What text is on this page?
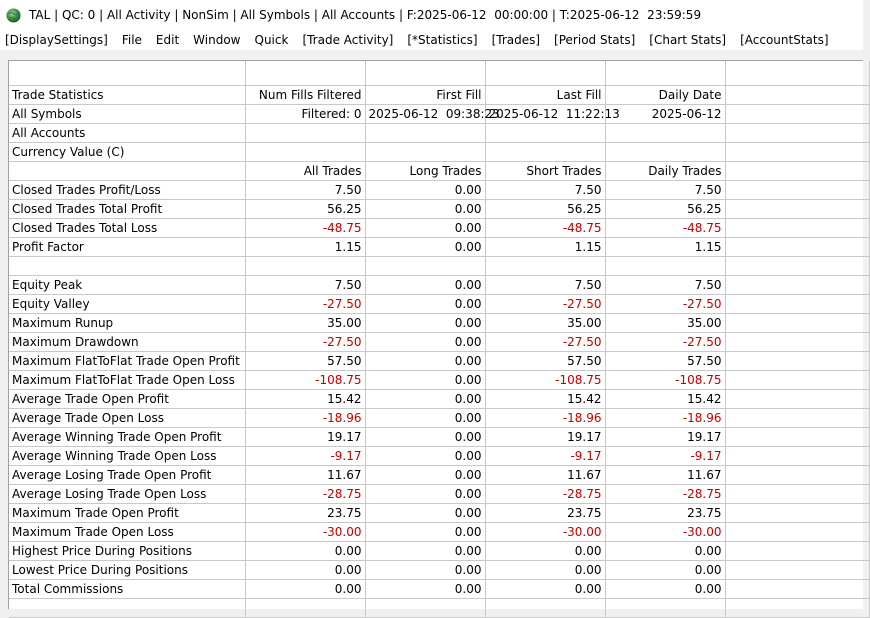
TAL | QC: 0 | All Activity | NonSim | All Symbols | All Accounts | F:2025-06-12  00:00:00 | T:2025-06-12  23:59:59
[DisplaySettings] File Edit Window Quick [Trade Activity] [*Statistics] [Trades] [Period Stats] [Chart Stats] [AccountStats]

Trade Statistics	Num Fills Filtered	First Fill	Last Fill	Daily Date	
All Symbols	Filtered: 0	2025-06-12  09:38:23	2025-06-12  11:22:13	2025-06-12	
All Accounts					
Currency Value (C)					
	All Trades	Long Trades	Short Trades	Daily Trades	
Closed Trades Profit/Loss	7.50	0.00	7.50	7.50	
Closed Trades Total Profit	56.25	0.00	56.25	56.25	
Closed Trades Total Loss	-48.75	0.00	-48.75	-48.75	
Profit Factor	1.15	0.00	1.15	1.15	

Equity Peak	7.50	0.00	7.50	7.50	
Equity Valley	-27.50	0.00	-27.50	-27.50	
Maximum Runup	35.00	0.00	35.00	35.00	
Maximum Drawdown	-27.50	0.00	-27.50	-27.50	
Maximum FlatToFlat Trade Open Profit	57.50	0.00	57.50	57.50	
Maximum FlatToFlat Trade Open Loss	-108.75	0.00	-108.75	-108.75	
Average Trade Open Profit	15.42	0.00	15.42	15.42	
Average Trade Open Loss	-18.96	0.00	-18.96	-18.96	
Average Winning Trade Open Profit	19.17	0.00	19.17	19.17	
Average Winning Trade Open Loss	-9.17	0.00	-9.17	-9.17	
Average Losing Trade Open Profit	11.67	0.00	11.67	11.67	
Average Losing Trade Open Loss	-28.75	0.00	-28.75	-28.75	
Maximum Trade Open Profit	23.75	0.00	23.75	23.75	
Maximum Trade Open Loss	-30.00	0.00	-30.00	-30.00	
Highest Price During Positions	0.00	0.00	0.00	0.00	
Lowest Price During Positions	0.00	0.00	0.00	0.00	
Total Commissions	0.00	0.00	0.00	0.00	
